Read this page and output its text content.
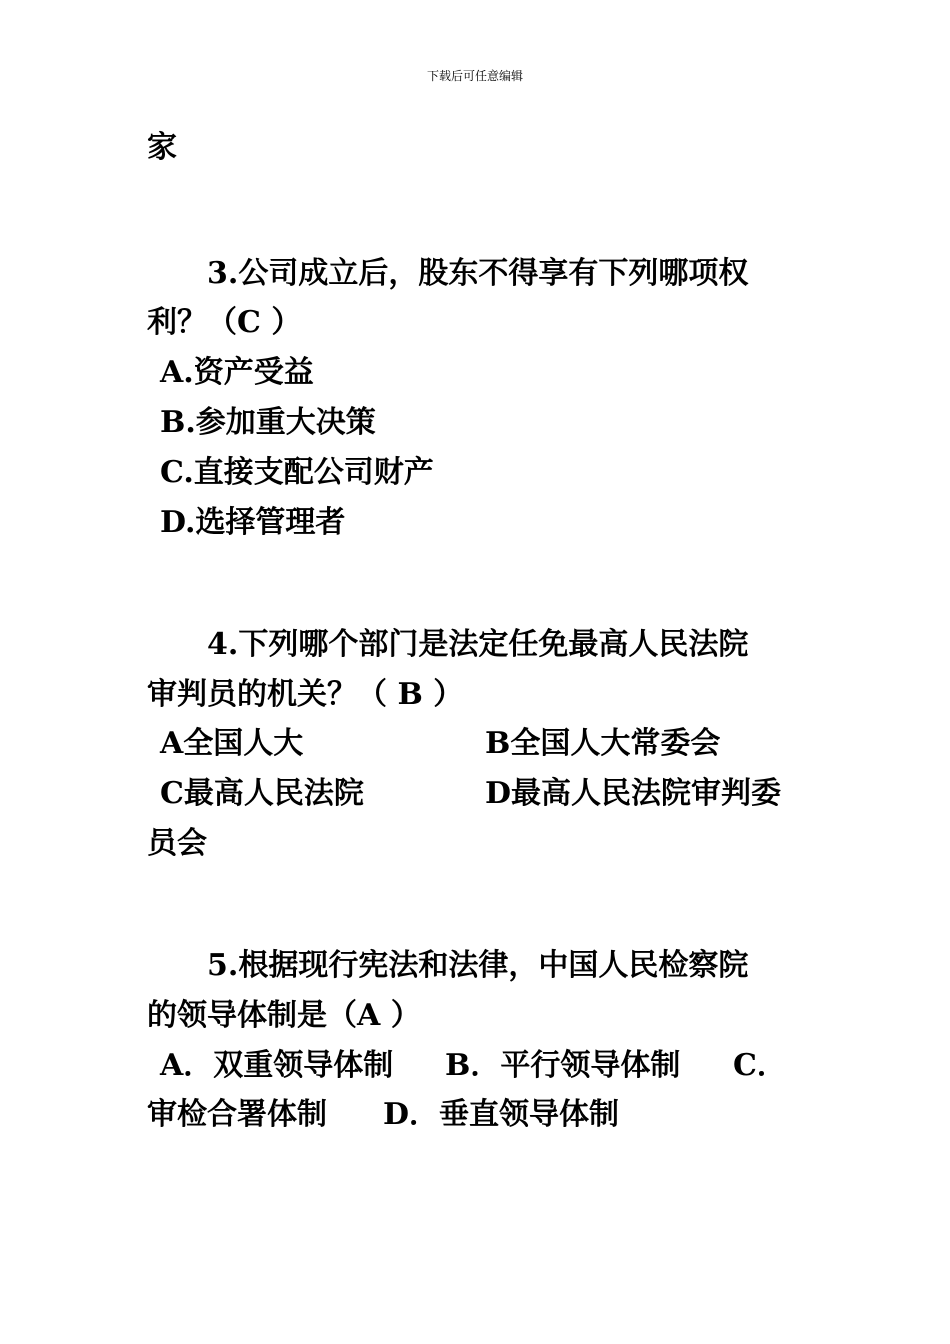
下载后可任意编辑
家
3.公司成立后，股东不得享有下列哪项权
利？（C ）
A.资产受益
B.参加重大决策
C.直接支配公司财产
D.选择管理者
4.下列哪个部门是法定任免最高人民法院
审判员的机关？（ B ）
A全国人大	B全国人大常委会
C最高人民法院	D最高人民法院审判委
员会
5.根据现行宪法和法律，中国人民检察院
的领导体制是（A ）
A．双重领导体制 B．平行领导体制 C．
审检合署体制 D．垂直领导体制
